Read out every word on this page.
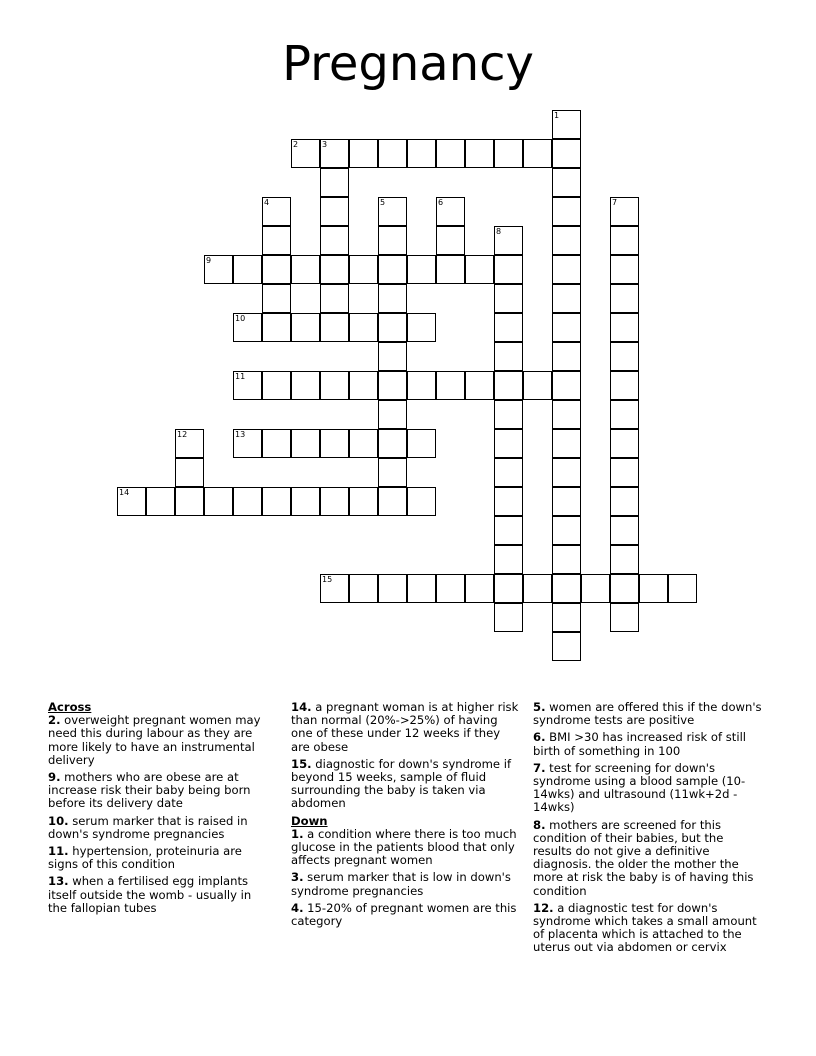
Pregnancy
1
2	3
4	5	6	7
8
9
10
11
12	13
14
15
Across
2. overweight pregnant women may need this during labour as they are more likely to have an instrumental delivery
9. mothers who are obese are at increase risk their baby being born before its delivery date
10. serum marker that is raised in down's syndrome pregnancies
11. hypertension, proteinuria are signs of this condition
13. when a fertilised egg implants itself outside the womb - usually in the fallopian tubes
14. a pregnant woman is at higher risk than normal (20%->25%) of having one of these under 12 weeks if they are obese
15. diagnostic for down's syndrome if beyond 15 weeks, sample of fluid surrounding the baby is taken via abdomen
Down
1. a condition where there is too much glucose in the patients blood that only affects pregnant women
3. serum marker that is low in down's syndrome pregnancies
4. 15-20% of pregnant women are this category
5. women are offered this if the down's syndrome tests are positive
6. BMI >30 has increased risk of still birth of something in 100
7. test for screening for down's syndrome using a blood sample (10-14wks) and ultrasound (11wk+2d - 14wks)
8. mothers are screened for this condition of their babies, but the results do not give a definitive diagnosis. the older the mother the more at risk the baby is of having this condition
12. a diagnostic test for down's syndrome which takes a small amount of placenta which is attached to the uterus out via abdomen or cervix
